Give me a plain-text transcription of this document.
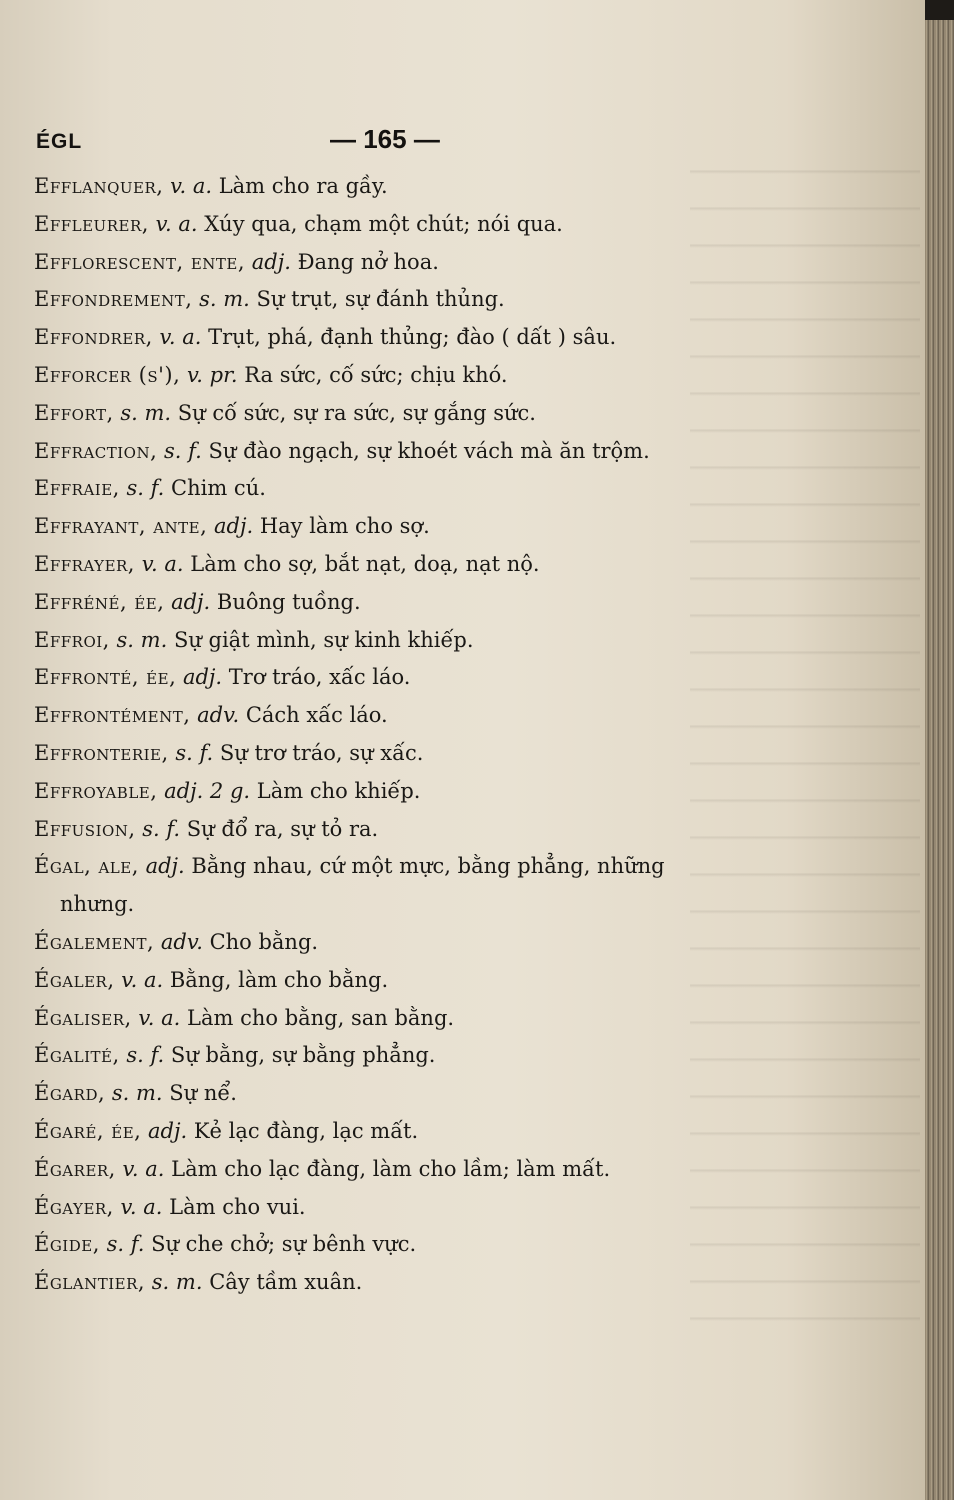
ÉGL	— 165 —
Efflanquer, v. a. Làm cho ra gầy.
Effleurer, v. a. Xúy qua, chạm một chút; nói qua.
Efflorescent, ente, adj. Đang nở hoa.
Effondrement, s. m. Sự trụt, sự đánh thủng.
Effondrer, v. a. Trụt, phá, đạnh thủng; đào ( dất ) sâu.
Efforcer (s'), v. pr. Ra sức, cố sức; chịu khó.
Effort, s. m. Sự cố sức, sự ra sức, sự gắng sức.
Effraction, s. f. Sự đào ngạch, sự khoét vách mà ăn trộm.
Effraie, s. f. Chim cú.
Effrayant, ante, adj. Hay làm cho sợ.
Effrayer, v. a. Làm cho sợ, bắt nạt, doạ, nạt nộ.
Effréné, ée, adj. Buông tuồng.
Effroi, s. m. Sự giật mình, sự kinh khiếp.
Effronté, ée, adj. Trơ tráo, xấc láo.
Effrontément, adv. Cách xấc láo.
Effronterie, s. f. Sự trơ tráo, sự xấc.
Effroyable, adj. 2 g. Làm cho khiếp.
Effusion, s. f. Sự đổ ra, sự tỏ ra.
Égal, ale, adj. Bằng nhau, cứ một mực, bằng phẳng, những
nhưng.
Également, adv. Cho bằng.
Égaler, v. a. Bằng, làm cho bằng.
Égaliser, v. a. Làm cho bằng, san bằng.
Égalité, s. f. Sự bằng, sự bằng phẳng.
Égard, s. m. Sự nể.
Égaré, ée, adj. Kẻ lạc đàng, lạc mất.
Égarer, v. a. Làm cho lạc đàng, làm cho lầm; làm mất.
Égayer, v. a. Làm cho vui.
Égide, s. f. Sự che chở; sự bênh vực.
Églantier, s. m. Cây tầm xuân.
